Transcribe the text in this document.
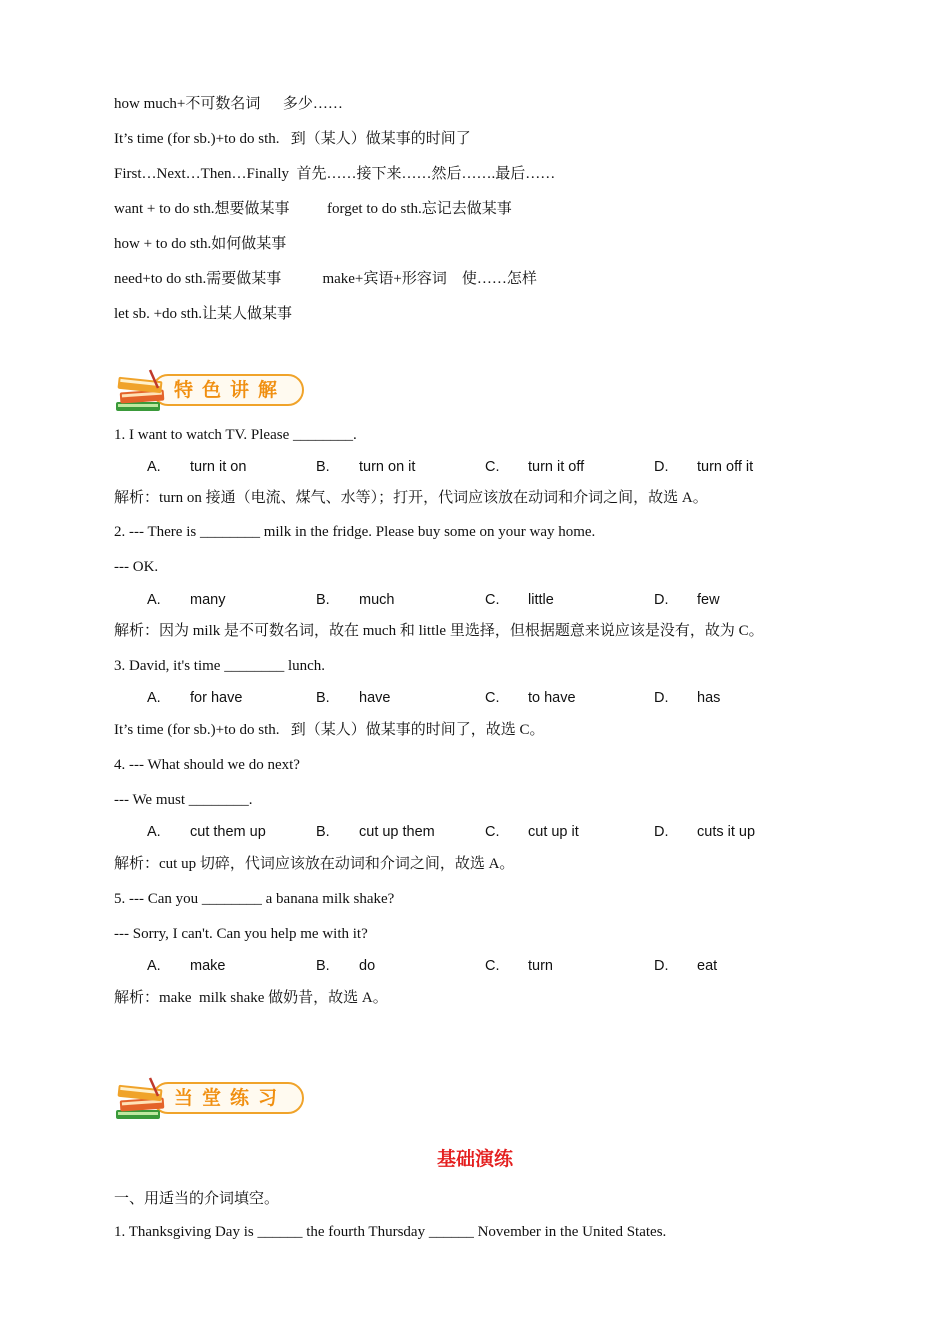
how much+不可数名词      多少……
It’s time (for sb.)+to do sth.   到（某人）做某事的时间了
First…Next…Then…Finally  首先……接下来……然后…….最后……
want + to do sth.想要做某事          forget to do sth.忘记去做某事
how + to do sth.如何做某事
need+to do sth.需要做某事           make+宾语+形容词    使……怎样
let sb. +do sth.让某人做某事
特色讲解
1. I want to watch TV. Please ________.
A. turn it on	B. turn on it	C. turn it off	D. turn off it
解析：turn on 接通（电流、煤气、水等）；打开，代词应该放在动词和介词之间，故选 A。
2. --- There is ________ milk in the fridge. Please buy some on your way home.
--- OK.
A. many	B. much	C. little	D. few
解析：因为 milk 是不可数名词，故在 much 和 little 里选择，但根据题意来说应该是没有，故为 C。
3. David, it's time ________ lunch.
A. for have	B. have	C. to have	D. has
It’s time (for sb.)+to do sth.   到（某人）做某事的时间了，故选 C。
4. --- What should we do next?
--- We must ________.
A. cut them up	B. cut up them	C. cut up it	D. cuts it up
解析：cut up 切碎，代词应该放在动词和介词之间，故选 A。
5. --- Can you ________ a banana milk shake?
--- Sorry, I can't. Can you help me with it?
A. make	B. do	C. turn	D. eat
解析：make  milk shake 做奶昔，故选 A。
当堂练习
基础演练
一、用适当的介词填空。
1. Thanksgiving Day is ______ the fourth Thursday ______ November in the United States.
